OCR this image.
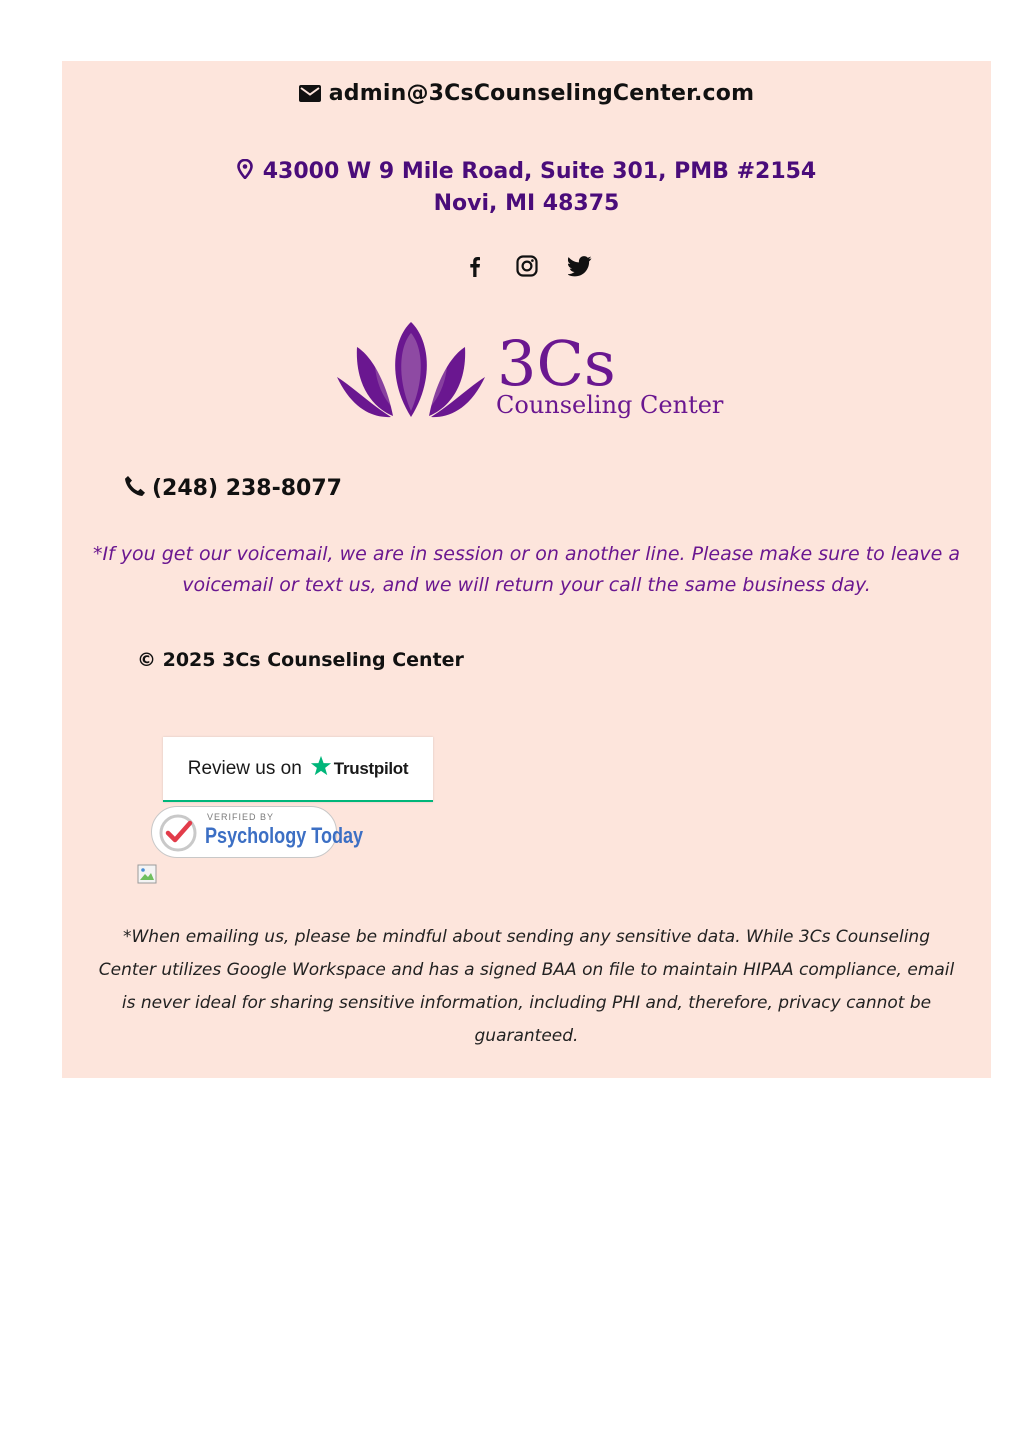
admin@3CsCounselingCenter.com
43000 W 9 Mile Road, Suite 301, PMB #2154
Novi, MI 48375
3Cs
Counseling Center
(248) 238-8077
*If you get our voicemail, we are in session or on another line. Please make sure to leave a voicemail or text us, and we will return your call the same business day.
© 2025 3Cs Counseling Center
Review us on Trustpilot
VERIFIED BY
Psychology Today
*When emailing us, please be mindful about sending any sensitive data. While 3Cs Counseling Center utilizes Google Workspace and has a signed BAA on file to maintain HIPAA compliance, email is never ideal for sharing sensitive information, including PHI and, therefore, privacy cannot be guaranteed.
